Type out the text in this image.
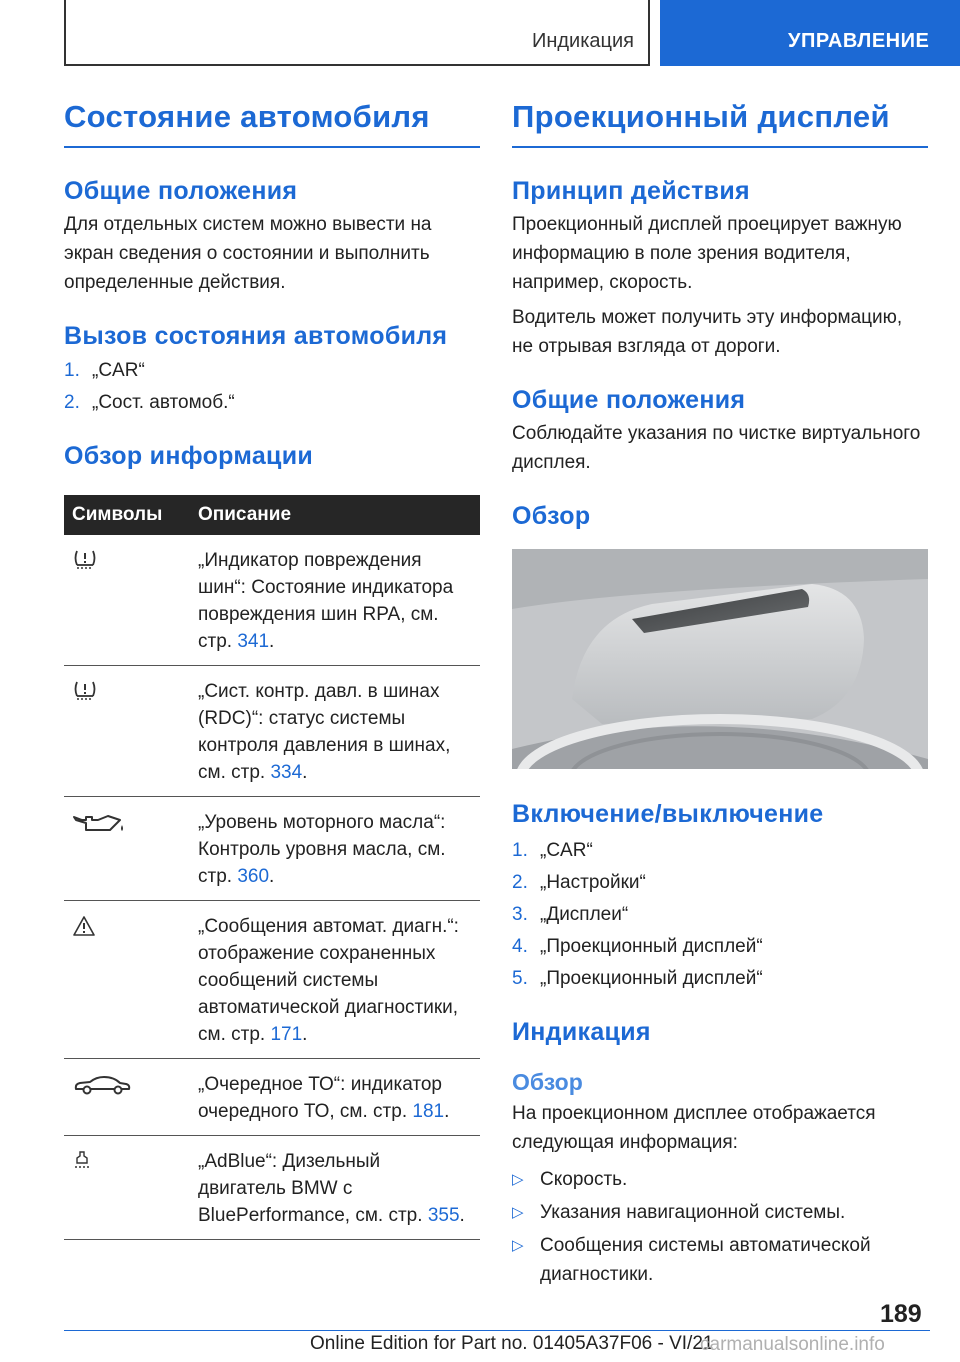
Индикация	УПРАВЛЕНИЕ
Состояние автомобиля
Общие положения

Для отдельных систем можно вывести на экран сведения о состоянии и выполнить определенные действия.

Вызов состояния автомобиля
1. „CAR“
2. „Сост. автомоб.“
Обзор информации
Символы	Описание
	„Индикатор повреждения шин“: Состояние индикатора повреждения шин RPA, см. стр. 341.
	„Сист. контр. давл. в шинах (RDC)“: статус системы контроля давления в шинах, см. стр. 334.
	„Уровень моторного масла“: Контроль уровня масла, см. стр. 360.
	„Сообщения автомат. диагн.“: отображение сохраненных сообщений системы автоматической диагностики, см. стр. 171.
	„Очередное ТО“: индикатор очередного ТО, см. стр. 181.
	„AdBlue“: Дизельный двигатель BMW с BluePerformance, см. стр. 355.
Проекционный дисплей
Принцип действия

Проекционный дисплей проецирует важную информацию в поле зрения водителя, например, скорость.

Водитель может получить эту информацию, не отрывая взгляда от дороги.

Общие положения

Соблюдайте указания по чистке виртуального дисплея.

Обзор
Включение/выключение
1. „CAR“
2. „Настройки“
3. „Дисплеи“
4. „Проекционный дисплей“
5. „Проекционный дисплей“
Индикация
Обзор

На проекционном дисплее отображается следующая информация:

▷ Скорость.
▷ Указания навигационной системы.
▷ Сообщения системы автоматической диагностики.
189
Online Edition for Part no. 01405A37F06 - VI/21
carmanualsonline.info
